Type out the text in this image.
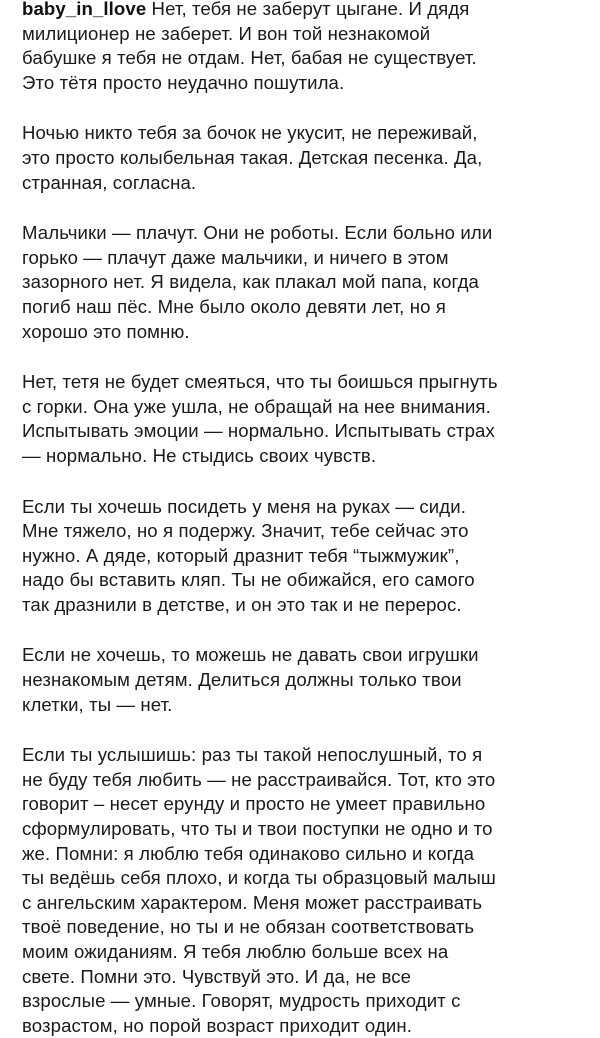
baby_in_llove Нет, тебя не заберут цыгане. И дядя
милиционер не заберет. И вон той незнакомой
бабушке я тебя не отдам. Нет, бабая не существует.
Это тётя просто неудачно пошутила.

Ночью никто тебя за бочок не укусит, не переживай,
это просто колыбельная такая. Детская песенка. Да,
странная, согласна.

Мальчики — плачут. Они не роботы. Если больно или
горько — плачут даже мальчики, и ничего в этом
зазорного нет. Я видела, как плакал мой папа, когда
погиб наш пёс. Мне было около девяти лет, но я
хорошо это помню.

Нет, тетя не будет смеяться, что ты боишься прыгнуть
с горки. Она уже ушла, не обращай на нее внимания.
Испытывать эмоции — нормально. Испытывать страх
— нормально. Не стыдись своих чувств.

Если ты хочешь посидеть у меня на руках — сиди.
Мне тяжело, но я подержу. Значит, тебе сейчас это
нужно. А дяде, который дразнит тебя “тыжмужик”,
надо бы вставить кляп. Ты не обижайся, его самого
так дразнили в детстве, и он это так и не перерос.

Если не хочешь, то можешь не давать свои игрушки
незнакомым детям. Делиться должны только твои
клетки, ты — нет.

Если ты услышишь: раз ты такой непослушный, то я
не буду тебя любить — не расстраивайся. Тот, кто это
говорит – несет ерунду и просто не умеет правильно
сформулировать, что ты и твои поступки не одно и то
же. Помни: я люблю тебя одинаково сильно и когда
ты ведёшь себя плохо, и когда ты образцовый малыш
с ангельским характером. Меня может расстраивать
твоё поведение, но ты и не обязан соответствовать
моим ожиданиям. Я тебя люблю больше всех на
свете. Помни это. Чувствуй это. И да, не все
взрослые — умные. Говорят, мудрость приходит с
возрастом, но порой возраст приходит один.
